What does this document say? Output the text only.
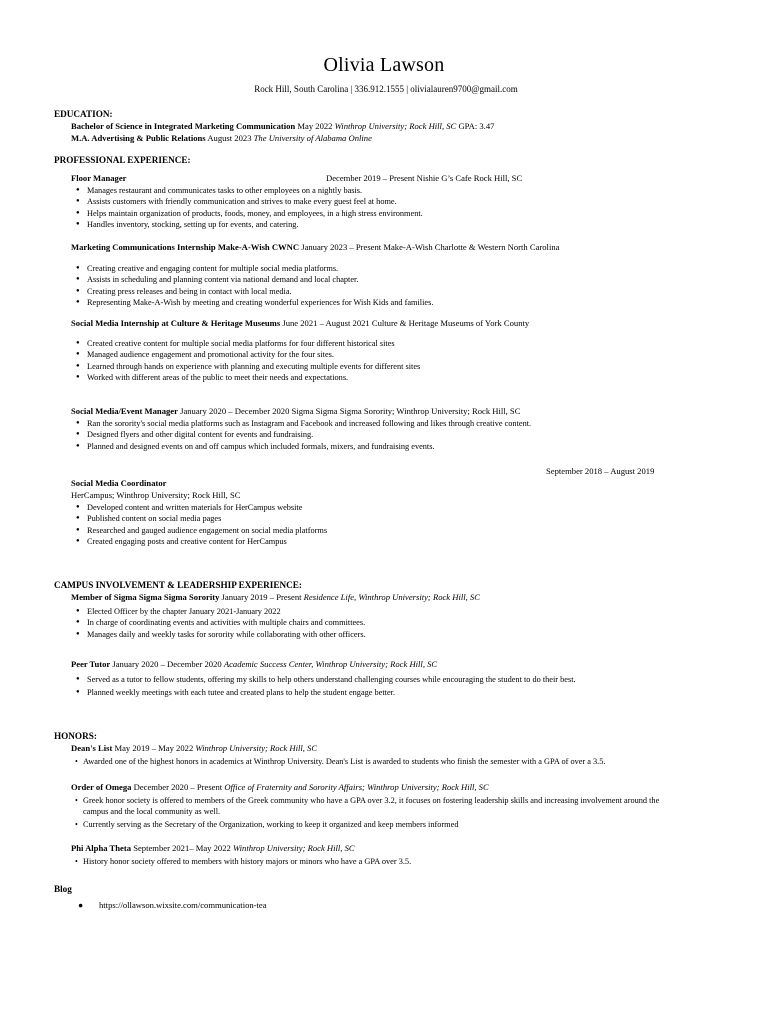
Olivia Lawson
Rock Hill, South Carolina | 336.912.1555 | olivialauren9700@gmail.com
EDUCATION:
Bachelor of Science in Integrated Marketing Communication May 2022 Winthrop University; Rock Hill, SC GPA: 3.47
M.A. Advertising & Public Relations August 2023 The University of Alabama Online
PROFESSIONAL EXPERIENCE:
Floor Manager	December 2019 – Present Nishie G’s Cafe Rock Hill, SC
● Manages restaurant and communicates tasks to other employees on a nightly basis.
● Assists customers with friendly communication and strives to make every guest feel at home.
● Helps maintain organization of products, foods, money, and employees, in a high stress environment.
● Handles inventory, stocking, setting up for events, and catering.
Marketing Communications Internship Make-A-Wish CWNC January 2023 – Present Make-A-Wish Charlotte & Western North Carolina
● Creating creative and engaging content for multiple social media platforms.
● Assists in scheduling and planning content via national demand and local chapter.
● Creating press releases and being in contact with local media.
● Representing Make-A-Wish by meeting and creating wonderful experiences for Wish Kids and families.
Social Media Internship at Culture & Heritage Museums June 2021 – August 2021 Culture & Heritage Museums of York County
● Created creative content for multiple social media platforms for four different historical sites
● Managed audience engagement and promotional activity for the four sites.
● Learned through hands on experience with planning and executing multiple events for different sites
● Worked with different areas of the public to meet their needs and expectations.
Social Media/Event Manager January 2020 – December 2020 Sigma Sigma Sigma Sorority; Winthrop University; Rock Hill, SC
● Ran the sorority's social media platforms such as Instagram and Facebook and increased following and likes through creative content.
● Designed flyers and other digital content for events and fundraising.
● Planned and designed events on and off campus which included formals, mixers, and fundraising events.
September 2018 – August 2019
Social Media Coordinator
HerCampus; Winthrop University; Rock Hill, SC
● Developed content and written materials for HerCampus website
● Published content on social media pages
● Researched and gauged audience engagement on social media platforms
● Created engaging posts and creative content for HerCampus
CAMPUS INVOLVEMENT & LEADERSHIP EXPERIENCE:
Member of Sigma Sigma Sigma Sorority January 2019 – Present Residence Life, Winthrop University; Rock Hill, SC
● Elected Officer by the chapter January 2021-January 2022
● In charge of coordinating events and activities with multiple chairs and committees.
● Manages daily and weekly tasks for sorority while collaborating with other officers.
Peer Tutor January 2020 – December 2020 Academic Success Center, Winthrop University; Rock Hill, SC
● Served as a tutor to fellow students, offering my skills to help others understand challenging courses while encouraging the student to do their best.
● Planned weekly meetings with each tutee and created plans to help the student engage better.
HONORS:
Dean's List May 2019 – May 2022 Winthrop University; Rock Hill, SC
• Awarded one of the highest honors in academics at Winthrop University. Dean's List is awarded to students who finish the semester with a GPA of over a 3.5.
Order of Omega December 2020 – Present Office of Fraternity and Sorority Affairs; Winthrop University; Rock Hill, SC
• Greek honor society is offered to members of the Greek community who have a GPA over 3.2, it focuses on fostering leadership skills and increasing involvement around the campus and the local community as well.
• Currently serving as the Secretary of the Organization, working to keep it organized and keep members informed
Phi Alpha Theta September 2021– May 2022 Winthrop University; Rock Hill, SC
• History honor society offered to members with history majors or minors who have a GPA over 3.5.
Blog
● https://ollawson.wixsite.com/communication-tea
